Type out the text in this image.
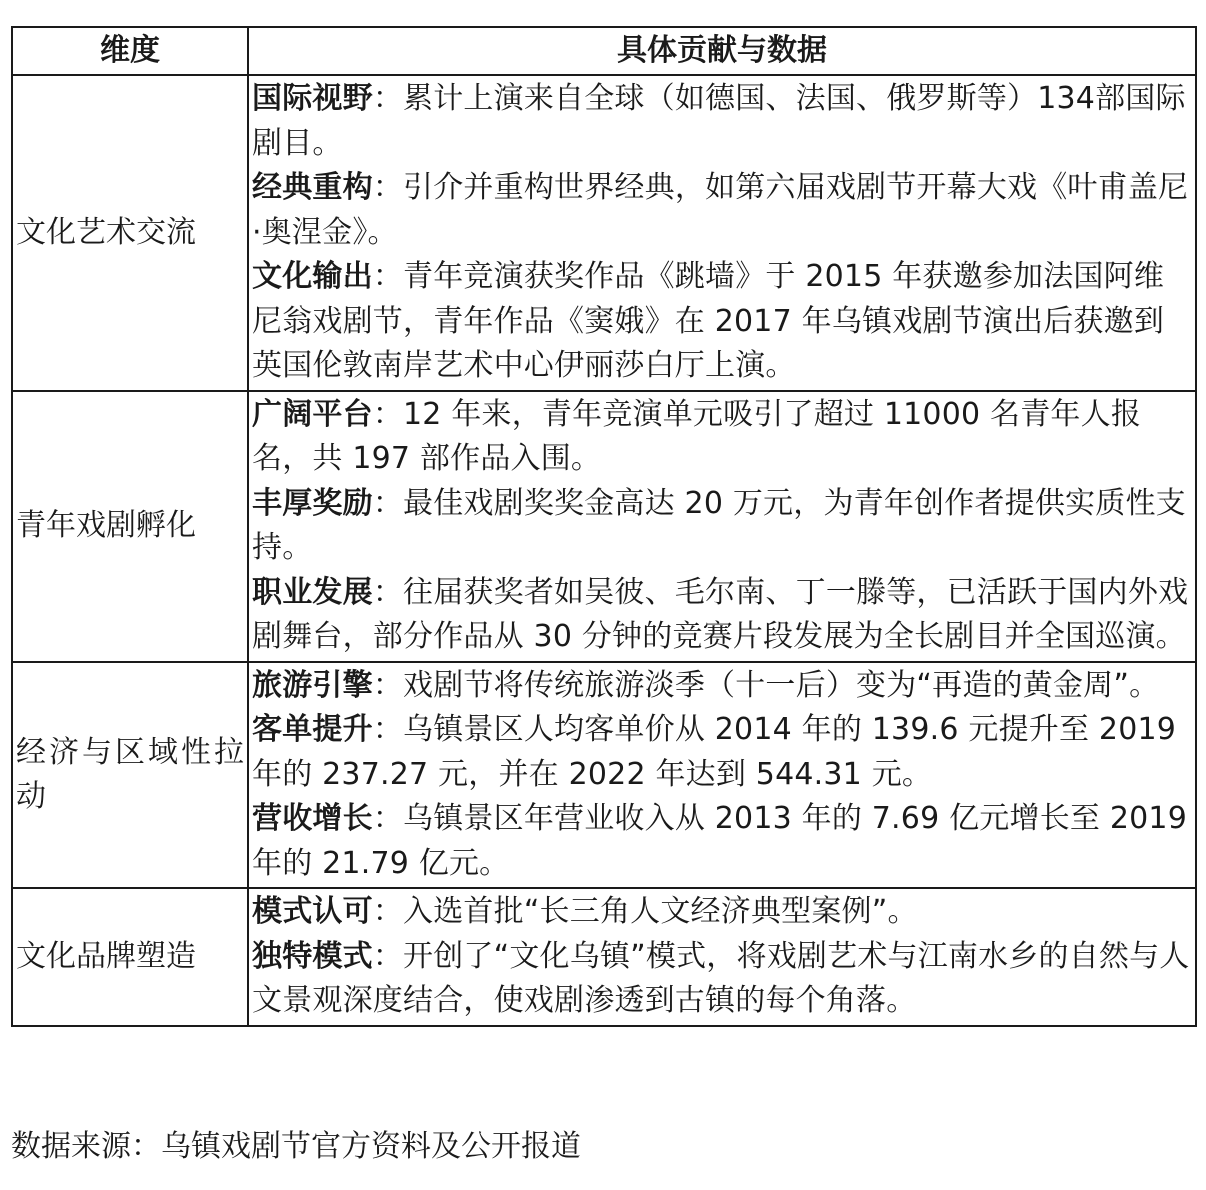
维度	具体贡献与数据
文化艺术交流	国际视野：累计上演来自全球（如德国、法国、俄罗斯等）134部国际剧目。
经典重构：引介并重构世界经典，如第六届戏剧节开幕大戏《叶甫盖尼·奥涅金》。
文化输出：青年竞演获奖作品《跳墙》于 2015 年获邀参加法国阿维尼翁戏剧节，青年作品《窦娥》在 2017 年乌镇戏剧节演出后获邀到英国伦敦南岸艺术中心伊丽莎白厅上演。

青年戏剧孵化	广阔平台：12 年来，青年竞演单元吸引了超过 11000 名青年人报名，共 197 部作品入围。
丰厚奖励：最佳戏剧奖奖金高达 20 万元，为青年创作者提供实质性支持。
职业发展：往届获奖者如吴彼、毛尔南、丁一滕等，已活跃于国内外戏剧舞台，部分作品从 30 分钟的竞赛片段发展为全长剧目并全国巡演。

经济与区域性拉动	旅游引擎：戏剧节将传统旅游淡季（十一后）变为“再造的黄金周”。
客单提升：乌镇景区人均客单价从 2014 年的 139.6 元提升至 2019 年的 237.27 元，并在 2022 年达到 544.31 元。
营收增长：乌镇景区年营业收入从 2013 年的 7.69 亿元增长至 2019 年的 21.79 亿元。

文化品牌塑造	模式认可：入选首批“长三角人文经济典型案例”。
独特模式：开创了“文化乌镇”模式，将戏剧艺术与江南水乡的自然与人文景观深度结合，使戏剧渗透到古镇的每个角落。
数据来源：乌镇戏剧节官方资料及公开报道
